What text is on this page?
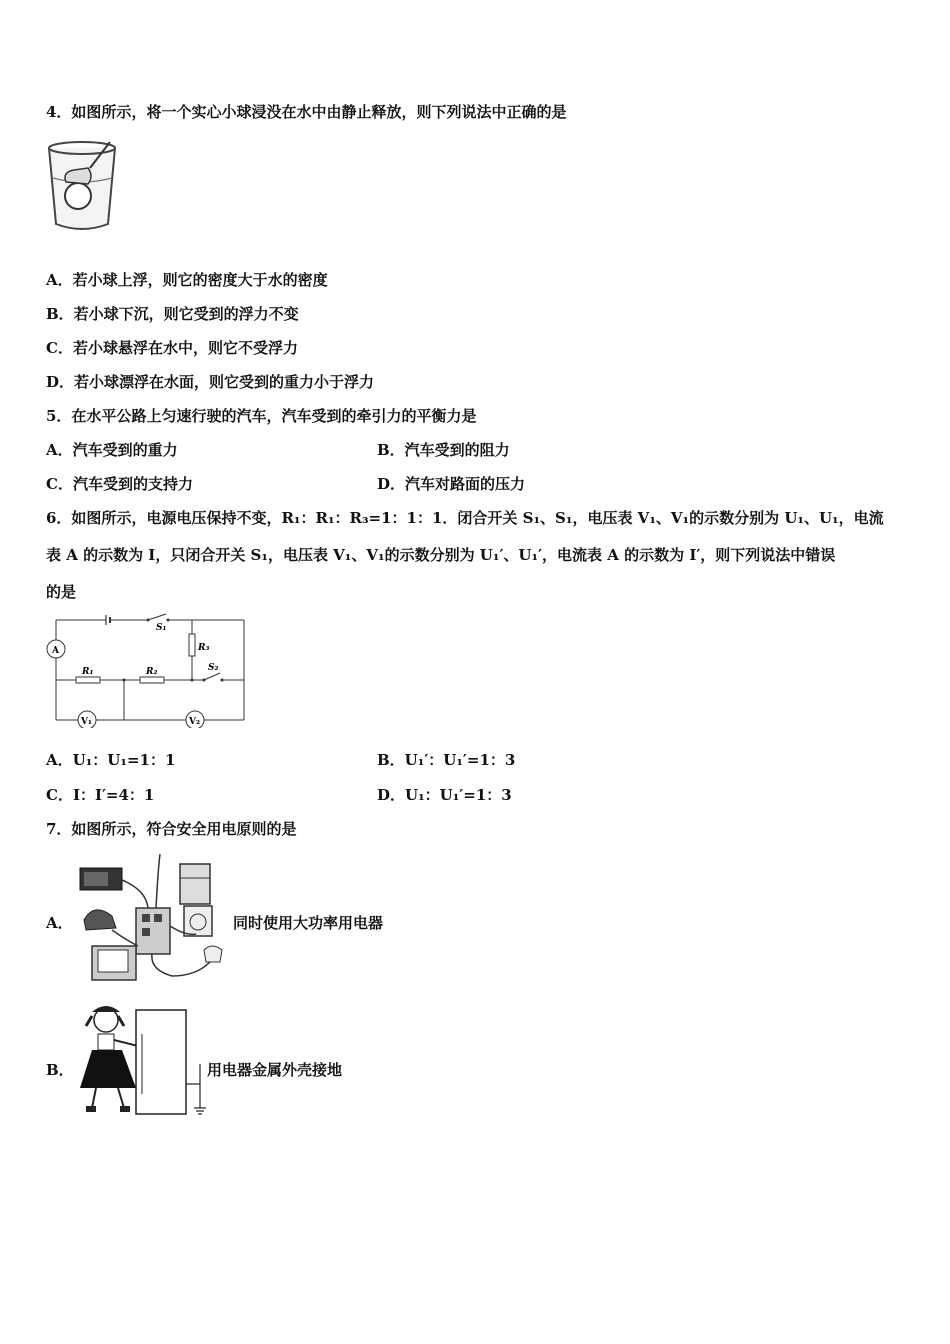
4．如图所示，将一个实心小球浸没在水中由静止释放，则下列说法中正确的是
A．若小球上浮，则它的密度大于水的密度
B．若小球下沉，则它受到的浮力不变
C．若小球悬浮在水中，则它不受浮力
D．若小球漂浮在水面，则它受到的重力小于浮力
5．在水平公路上匀速行驶的汽车，汽车受到的牵引力的平衡力是
A．汽车受到的重力	B．汽车受到的阻力
C．汽车受到的支持力	D．汽车对路面的压力
6．如图所示，电源电压保持不变，R₁：R₁：R₃=1：1：1．闭合开关 S₁、S₁，电压表 V₁、V₁的示数分别为 U₁、U₁，电流
表 A 的示数为 I，只闭合开关 S₁，电压表 V₁、V₁的示数分别为 U₁′、U₁′，电流表 A 的示数为 I′，则下列说法中错误
的是
S₁
A	R₃
R₁	R₂	S₂
V₁	V₂
A．U₁：U₁=1：1	B．U₁′：U₁′=1：3
C．I：I′=4：1	D．U₁：U₁′=1：3
7．如图所示，符合安全用电原则的是
A．	同时使用大功率用电器
B．	用电器金属外壳接地
